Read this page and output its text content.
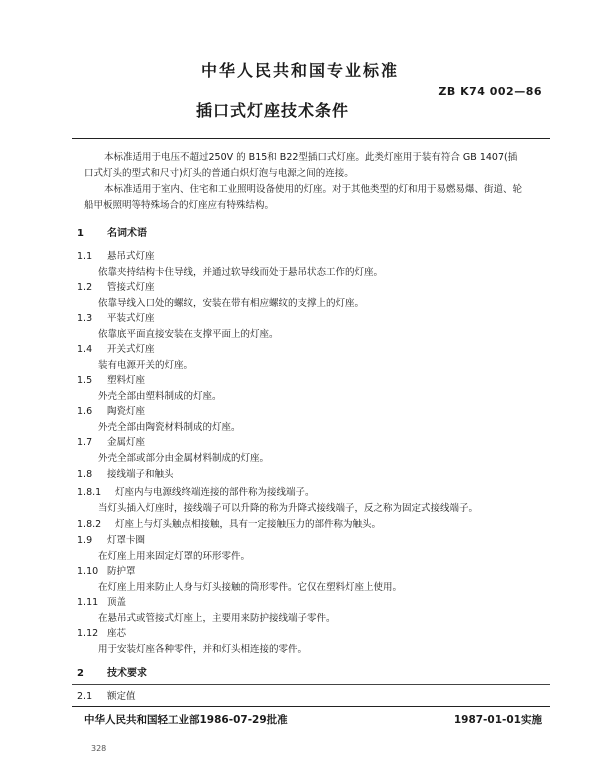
中华人民共和国专业标准
ZB K74 002—86
插口式灯座技术条件
本标准适用于电压不超过250V 的 B15和 B22型插口式灯座。此类灯座用于装有符合 GB 1407(插
口式灯头的型式和尺寸)灯头的普通白炽灯泡与电源之间的连接。
本标准适用于室内、住宅和工业照明设备使用的灯座。对于其他类型的灯和用于易燃易爆、街道、轮
船甲板照明等特殊场合的灯座应有特殊结构。
1 名词术语
1.1 悬吊式灯座
依靠夹持结构卡住导线，并通过软导线而处于悬吊状态工作的灯座。
1.2 管接式灯座
依靠导线入口处的螺纹，安装在带有相应螺纹的支撑上的灯座。
1.3 平装式灯座
依靠底平面直接安装在支撑平面上的灯座。
1.4 开关式灯座
装有电源开关的灯座。
1.5 塑料灯座
外壳全部由塑料制成的灯座。
1.6 陶瓷灯座
外壳全部由陶瓷材料制成的灯座。
1.7 金属灯座
外壳全部或部分由金属材料制成的灯座。
1.8 接线端子和触头
1.8.1 灯座内与电源线终端连接的部件称为接线端子。
当灯头插入灯座时，接线端子可以升降的称为升降式接线端子，反之称为固定式接线端子。
1.8.2 灯座上与灯头触点相接触，具有一定接触压力的部件称为触头。
1.9 灯罩卡圈
在灯座上用来固定灯罩的环形零件。
1.10 防护罩
在灯座上用来防止人身与灯头接触的筒形零件。它仅在塑料灯座上使用。
1.11 顶盖
在悬吊式或管接式灯座上，主要用来防护接线端子零件。
1.12 座芯
用于安装灯座各种零件，并和灯头相连接的零件。
2 技术要求
2.1 额定值
中华人民共和国轻工业部1986-07-29批准	1987-01-01实施
328
